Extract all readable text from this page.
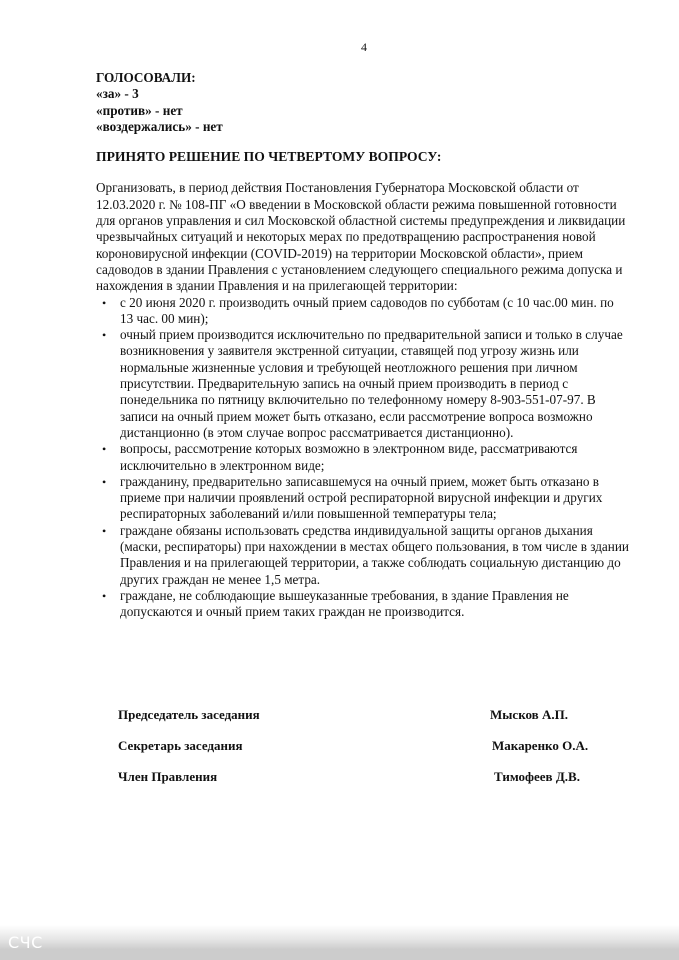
4
ГОЛОСОВАЛИ:
«за» - 3
«против» - нет
«воздержались» - нет
ПРИНЯТО РЕШЕНИЕ ПО ЧЕТВЕРТОМУ ВОПРОСУ:
Организовать, в период действия Постановления Губернатора Московской области от 12.03.2020 г. № 108-ПГ «О введении в Московской области режима повышенной готовности для органов управления и сил Московской областной системы предупреждения и ликвидации чрезвычайных ситуаций и некоторых мерах по предотвращению распространения новой короновирусной инфекции (COVID-2019) на территории Московской области», прием садоводов в здании Правления с установлением следующего специального режима допуска и нахождения в здании Правления и на прилегающей территории:
• с 20 июня 2020 г. производить очный прием садоводов по субботам (с 10 час.00 мин. по 13 час. 00 мин);
• очный прием производится исключительно по предварительной записи и только в случае возникновения у заявителя экстренной ситуации, ставящей под угрозу жизнь или нормальные жизненные условия и требующей неотложного решения при личном присутствии. Предварительную запись на очный прием производить в период с понедельника по пятницу включительно по телефонному номеру 8-903-551-07-97. В записи на очный прием может быть отказано, если рассмотрение вопроса возможно дистанционно (в этом случае вопрос рассматривается дистанционно).
• вопросы, рассмотрение которых возможно в электронном виде, рассматриваются исключительно в электронном виде;
• гражданину, предварительно записавшемуся на очный прием, может быть отказано в приеме при наличии проявлений острой респираторной вирусной инфекции и других респираторных заболеваний и/или повышенной температуры тела;
• граждане обязаны использовать средства индивидуальной защиты органов дыхания (маски, респираторы) при нахождении в местах общего пользования, в том числе в здании Правления и на прилегающей территории, а также соблюдать социальную дистанцию до других граждан не менее 1,5 метра.
• граждане, не соблюдающие вышеуказанные требования, в здание Правления не допускаются и очный прием таких граждан не производится.
Председатель заседания	Мысков А.П.
Секретарь заседания	Макаренко О.А.
Член Правления	Тимофеев Д.В.
СЧС
